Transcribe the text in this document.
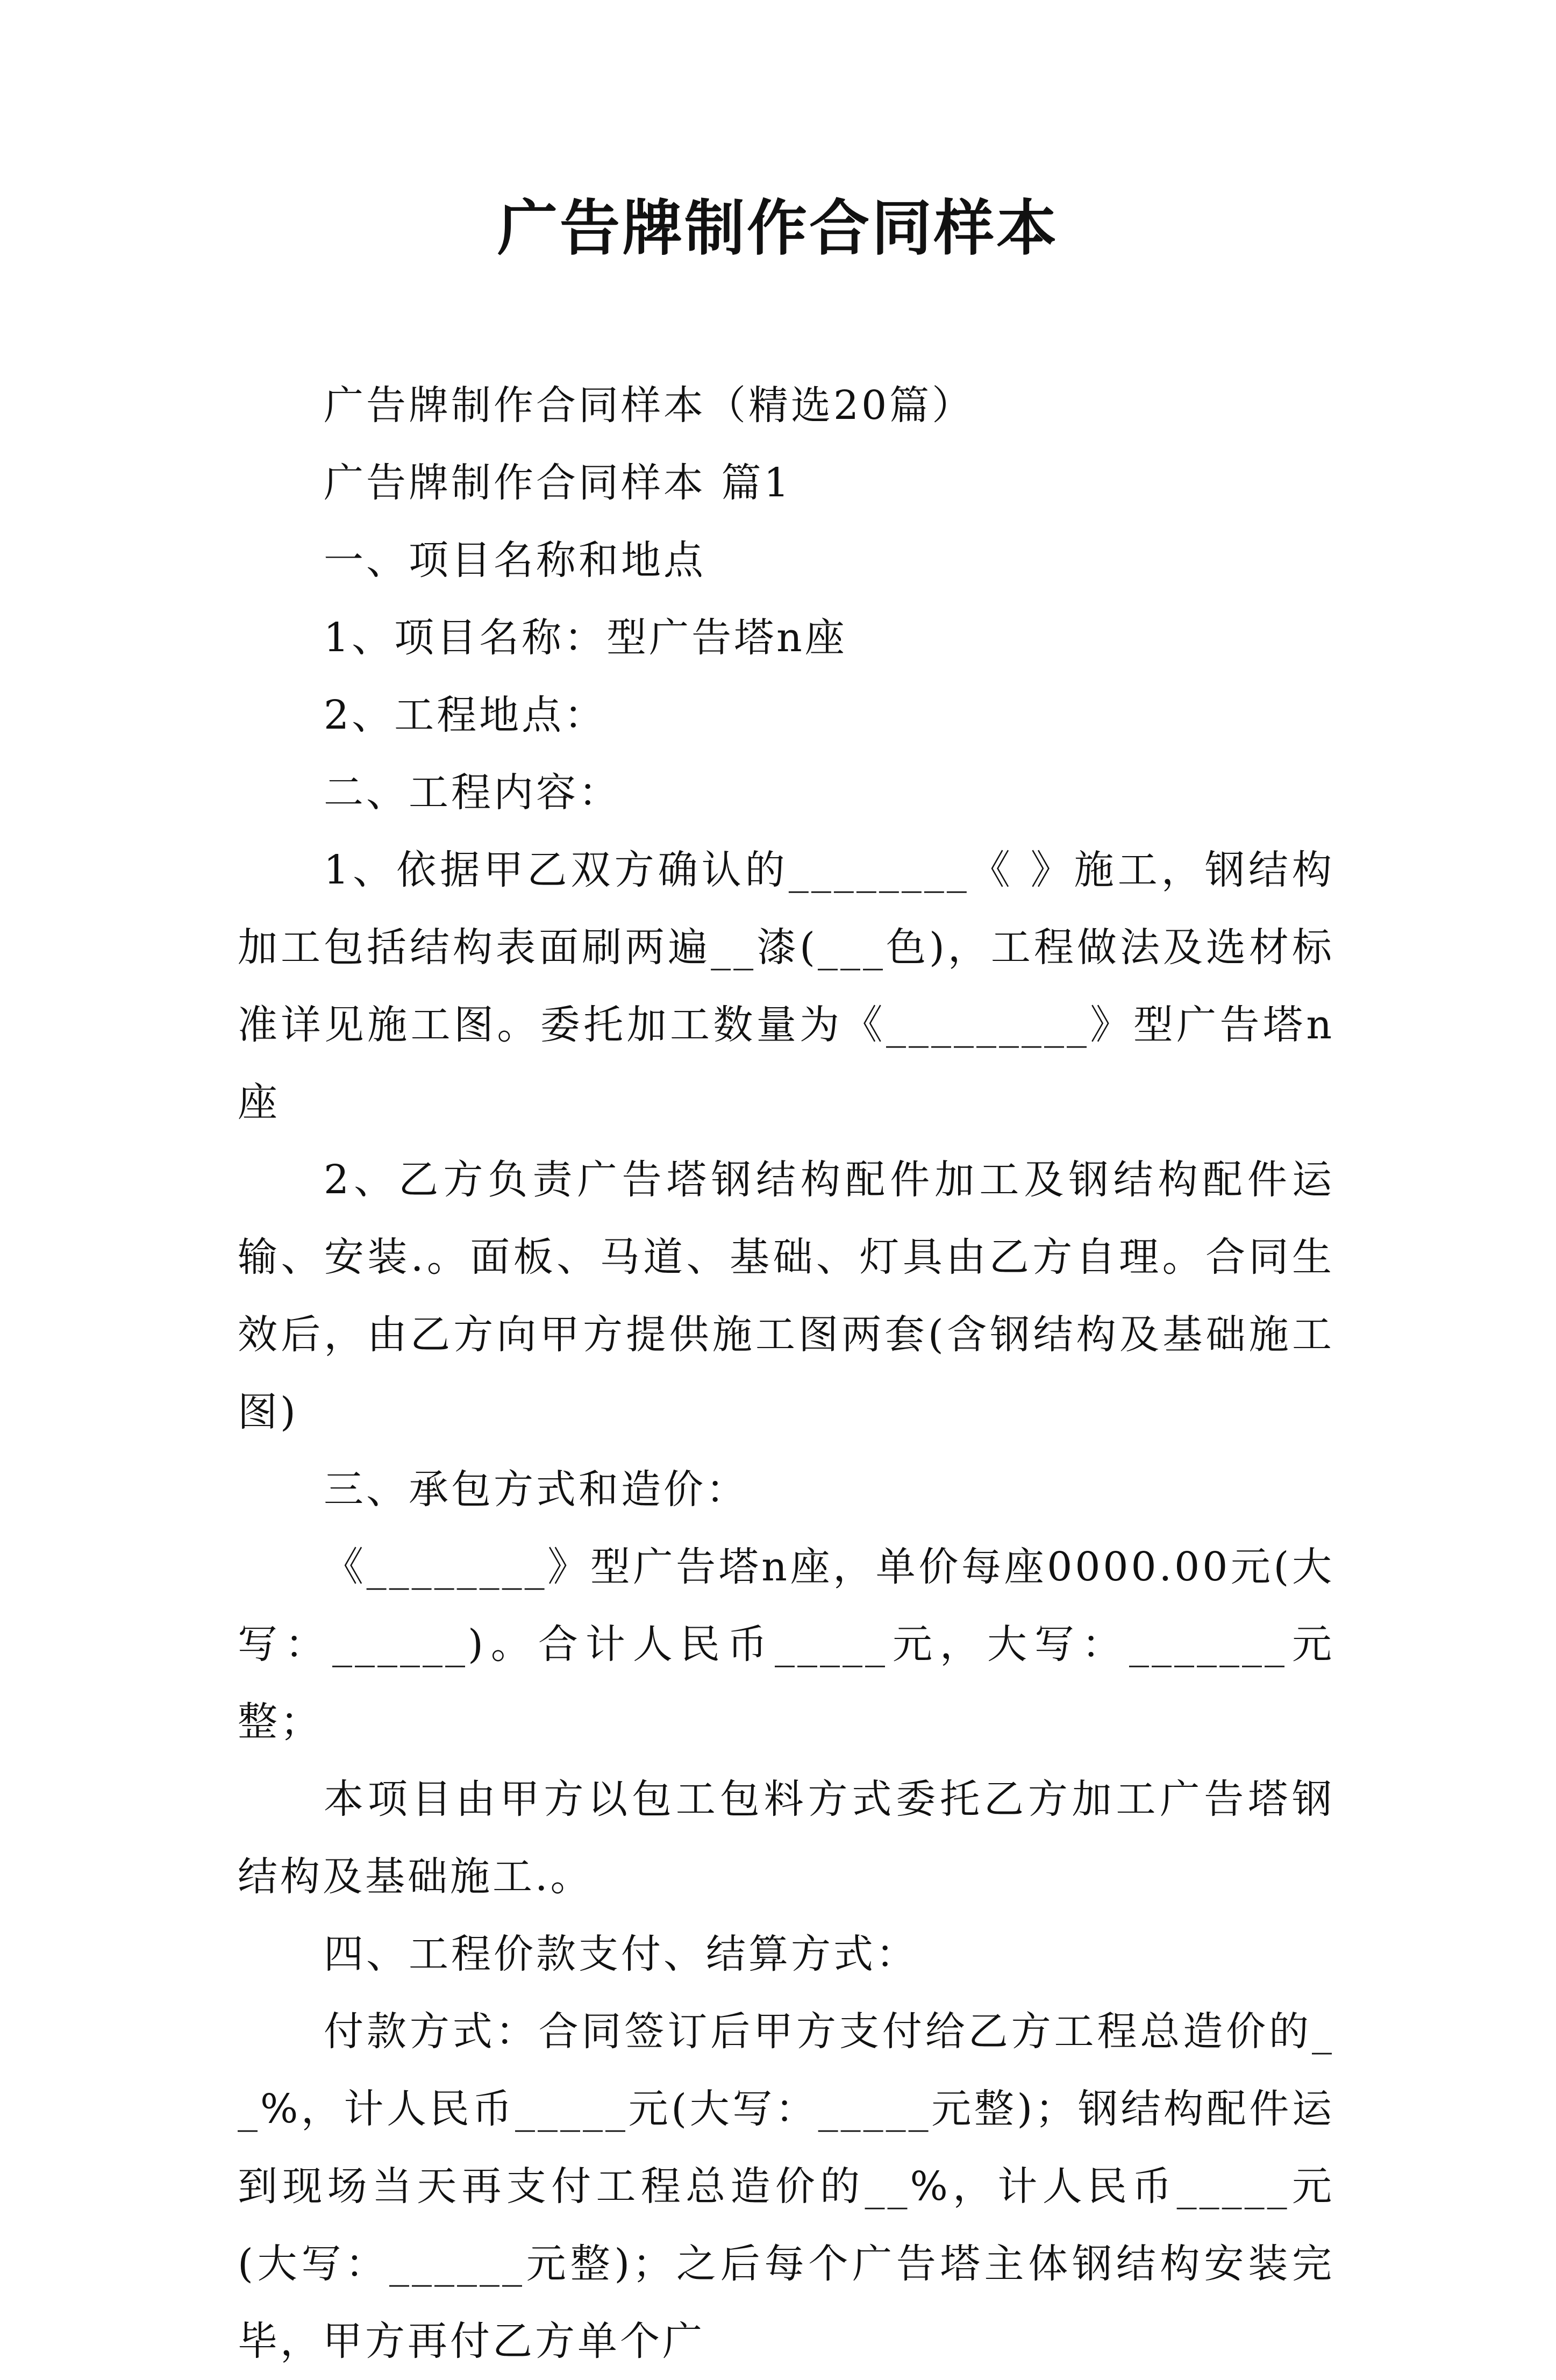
广告牌制作合同样本

广告牌制作合同样本（精选20篇）

广告牌制作合同样本 篇1

一、项目名称和地点

1、项目名称：型广告塔n座

2、工程地点：

二、工程内容：

1、依据甲乙双方确认的________《 》施工，钢结构加工包括结构表面刷两遍__漆(___色)，工程做法及选材标准详见施工图。委托加工数量为《_________》型广告塔n座

2、乙方负责广告塔钢结构配件加工及钢结构配件运输、安装.。面板、马道、基础、灯具由乙方自理。合同生效后，由乙方向甲方提供施工图两套(含钢结构及基础施工图)

三、承包方式和造价：

《________》型广告塔n座，单价每座0000.00元(大写：______)。合计人民币_____元，大写：_______元整；

本项目由甲方以包工包料方式委托乙方加工广告塔钢结构及基础施工.。

四、工程价款支付、结算方式：

付款方式：合同签订后甲方支付给乙方工程总造价的__%，计人民币_____元(大写：_____元整)；钢结构配件运到现场当天再支付工程总造价的__%，计人民币_____元(大写：______元整)；之后每个广告塔主体钢结构安装完毕，甲方再付乙方单个广
